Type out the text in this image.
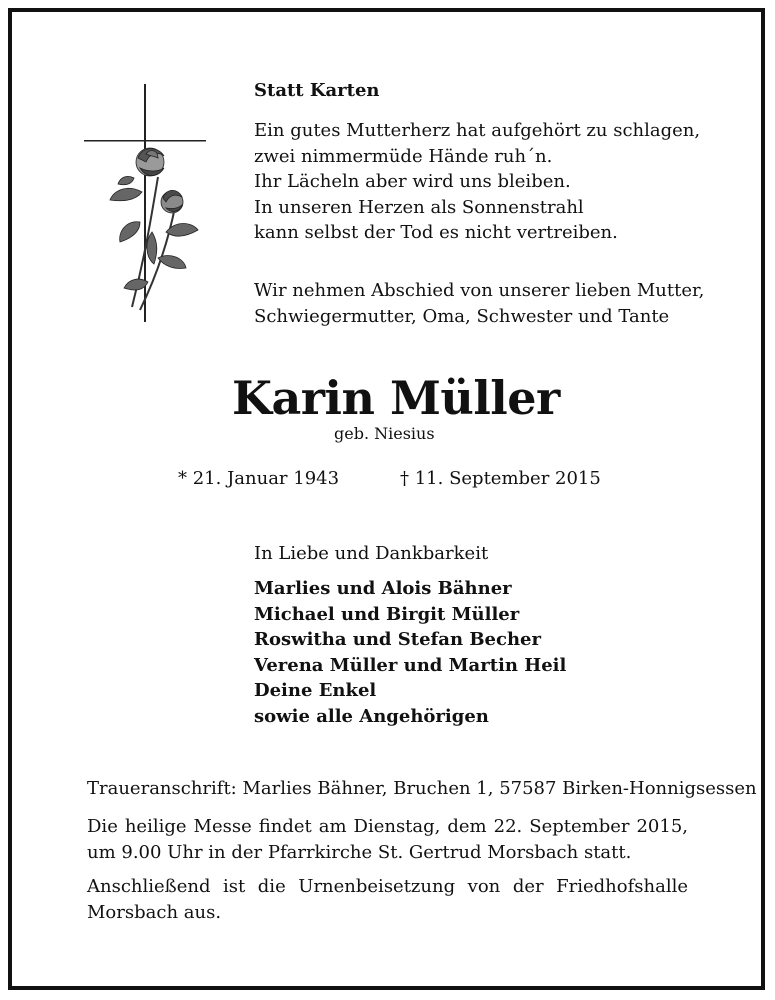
Statt Karten
Ein gutes Mutterherz hat aufgehört zu schlagen,
zwei nimmermüde Hände ruh´n.
Ihr Lächeln aber wird uns bleiben.
In unseren Herzen als Sonnenstrahl
kann selbst der Tod es nicht vertreiben.
Wir nehmen Abschied von unserer lieben Mutter,
Schwiegermutter, Oma, Schwester und Tante
Karin Müller
geb. Niesius
* 21. Januar 1943	† 11. September 2015
In Liebe und Dankbarkeit
Marlies und Alois Bähner
Michael und Birgit Müller
Roswitha und Stefan Becher
Verena Müller und Martin Heil
Deine Enkel
sowie alle Angehörigen
Traueranschrift: Marlies Bähner, Bruchen 1, 57587 Birken-Honnigsessen
Die heilige Messe findet am Dienstag, dem 22. September 2015, um 9.00 Uhr in der Pfarrkirche St. Gertrud Morsbach statt.
Anschließend ist die Urnenbeisetzung von der Friedhofshalle Morsbach aus.
